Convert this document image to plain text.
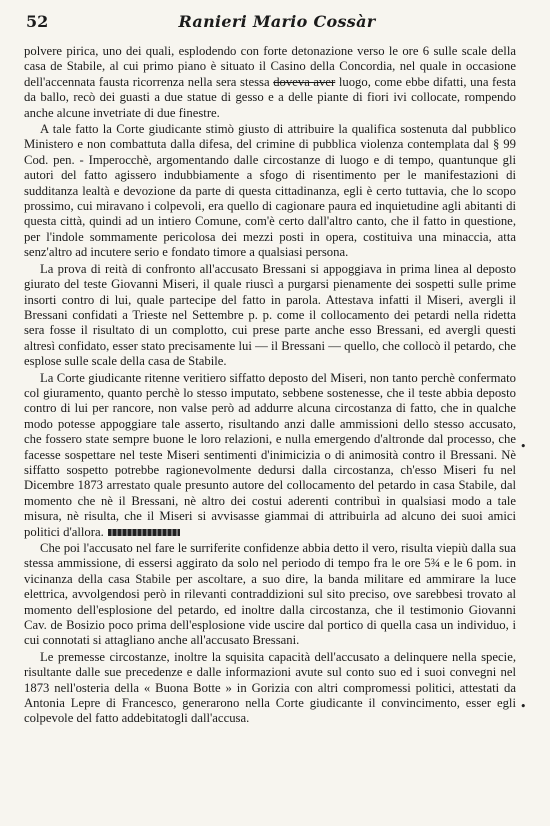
52	Ranieri Mario Cossàr

polvere pirica, uno dei quali, esplodendo con forte detonazione verso le ore 6 sulle scale della casa de Stabile, al cui primo piano è situato il Casino della Concordia, nel quale in occasione dell'accennata fausta ricorrenza nella sera stessa doveva aver luogo, come ebbe difatti, una festa da ballo, recò dei guasti a due statue di gesso e a delle piante di fiori ivi collocate, rompendo anche alcune invetriate di due finestre.

A tale fatto la Corte giudicante stimò giusto di attribuire la qualifica sostenuta dal pubblico Ministero e non combattuta dalla difesa, del crimine di pubblica violenza contemplata dal § 99 Cod. pen. - Imperocchè, argomentando dalle circostanze di luogo e di tempo, quantunque gli autori del fatto agissero indubbiamente a sfogo di risentimento per le manifestazioni di sudditanza lealtà e devozione da parte di questa cittadinanza, egli è certo tuttavia, che lo scopo prossimo, cui miravano i colpevoli, era quello di cagionare paura ed inquietudine agli abitanti di questa città, quindi ad un intiero Comune, com'è certo dall'altro canto, che il fatto in questione, per l'indole sommamente pericolosa dei mezzi posti in opera, costituiva una minaccia, atta senz'altro ad incutere serio e fondato timore a qualsiasi persona.

La prova di reità di confronto all'accusato Bressani si appoggiava in prima linea al deposto giurato del teste Giovanni Miseri, il quale riuscì a purgarsi pienamente dei sospetti sulle prime insorti contro di lui, quale partecipe del fatto in parola. Attestava infatti il Miseri, avergli il Bressani confidati a Trieste nel Settembre p. p. come il collocamento dei petardi nella ridetta sera fosse il risultato di un complotto, cui prese parte anche esso Bressani, ed avergli questi altresì confidato, esser stato precisamente lui — il Bressani — quello, che collocò il petardo, che esplose sulle scale della casa de Stabile.

La Corte giudicante ritenne veritiero siffatto deposto del Miseri, non tanto perchè confermato col giuramento, quanto perchè lo stesso imputato, sebbene sostenesse, che il teste abbia deposto contro di lui per rancore, non valse però ad addurre alcuna circostanza di fatto, che in qualche modo potesse appoggiare tale asserto, risultando anzi dalle ammissioni dello stesso accusato, che fossero state sempre buone le loro relazioni, e nulla emergendo d'altronde dal processo, che facesse sospettare nel teste Miseri sentimenti d'inimicizia o di animosità contro il Bressani. Nè siffatto sospetto potrebbe ragionevolmente dedursi dalla circostanza, ch'esso Miseri fu nel Dicembre 1873 arrestato quale presunto autore del collocamento del petardo in casa Stabile, dal momento che nè il Bressani, nè altro dei costui aderenti contribuì in qualsiasi modo a tale misura, nè risulta, che il Miseri si avvisasse giammai di attribuirla ad alcuno dei suoi amici politici d'allora.

Che poi l'accusato nel fare le surriferite confidenze abbia detto il vero, risulta viepiù dalla sua stessa ammissione, di essersi aggirato da solo nel periodo di tempo fra le ore 5¾ e le 6 pom. in vicinanza della casa Stabile per ascoltare, a suo dire, la banda militare ed ammirare la luce elettrica, avvolgendosi però in rilevanti contraddizioni sul sito preciso, ove sarebbesi trovato al momento dell'esplosione del petardo, ed inoltre dalla circostanza, che il testimonio Giovanni Cav. de Bosizio poco prima dell'esplosione vide uscire dal portico di quella casa un individuo, i cui connotati si attagliano anche all'accusato Bressani.

Le premesse circostanze, inoltre la squisita capacità dell'accusato a delinquere nella specie, risultante dalle sue precedenze e dalle informazioni avute sul conto suo ed i suoi convegni nel 1873 nell'osteria della « Buona Botte » in Gorizia con altri compromessi politici, attestati da Antonia Lepre di Francesco, generarono nella Corte giudicante il convincimento, esser egli colpevole del fatto addebitatogli dall'accusa.

•
•
